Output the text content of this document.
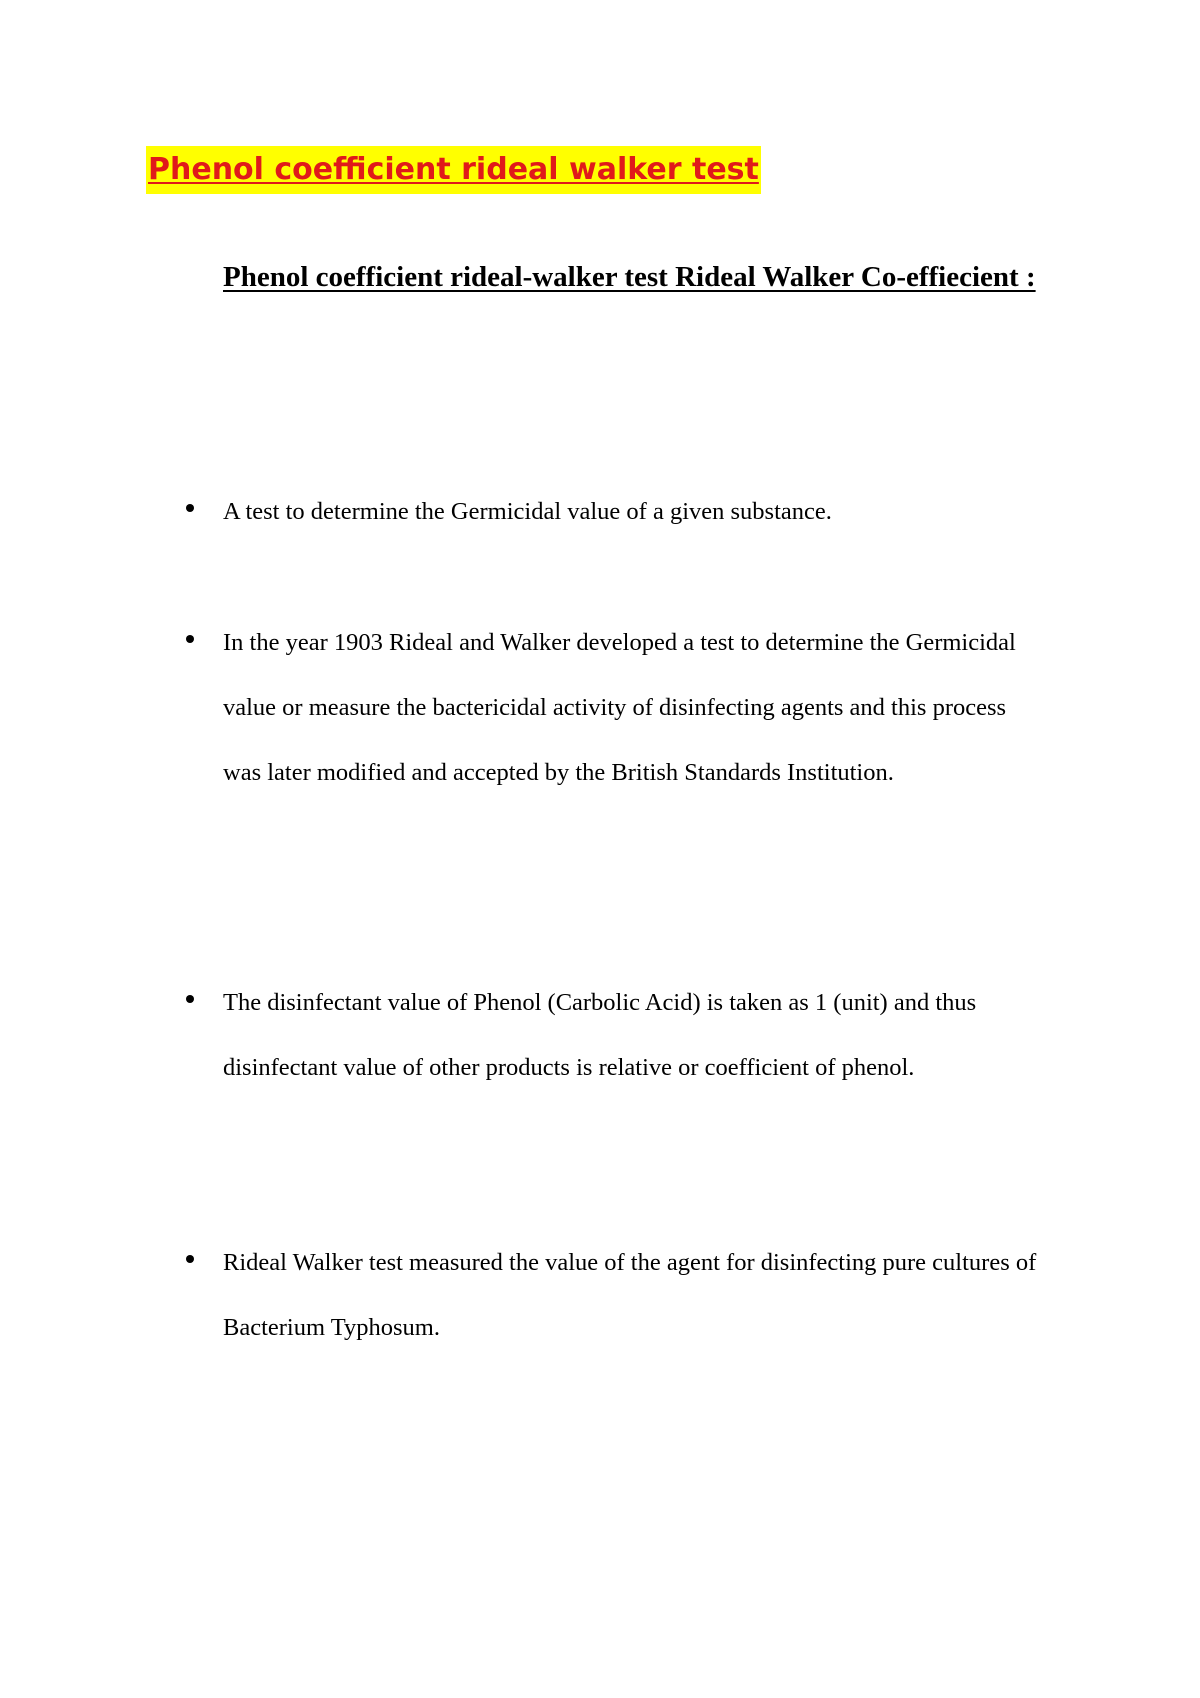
Phenol coefficient rideal walker test
Phenol coefficient rideal-walker test Rideal Walker Co-effiecient :

A test to determine the Germicidal value of a given substance.

In the year 1903 Rideal and Walker developed a test to determine the Germicidal value or measure the bactericidal activity of disinfecting agents and this process was later modified and accepted by the British Standards Institution.

The disinfectant value of Phenol (Carbolic Acid) is taken as 1 (unit) and thus disinfectant value of other products is relative or coefficient of phenol.

Rideal Walker test measured the value of the agent for disinfecting pure cultures of Bacterium Typhosum.
